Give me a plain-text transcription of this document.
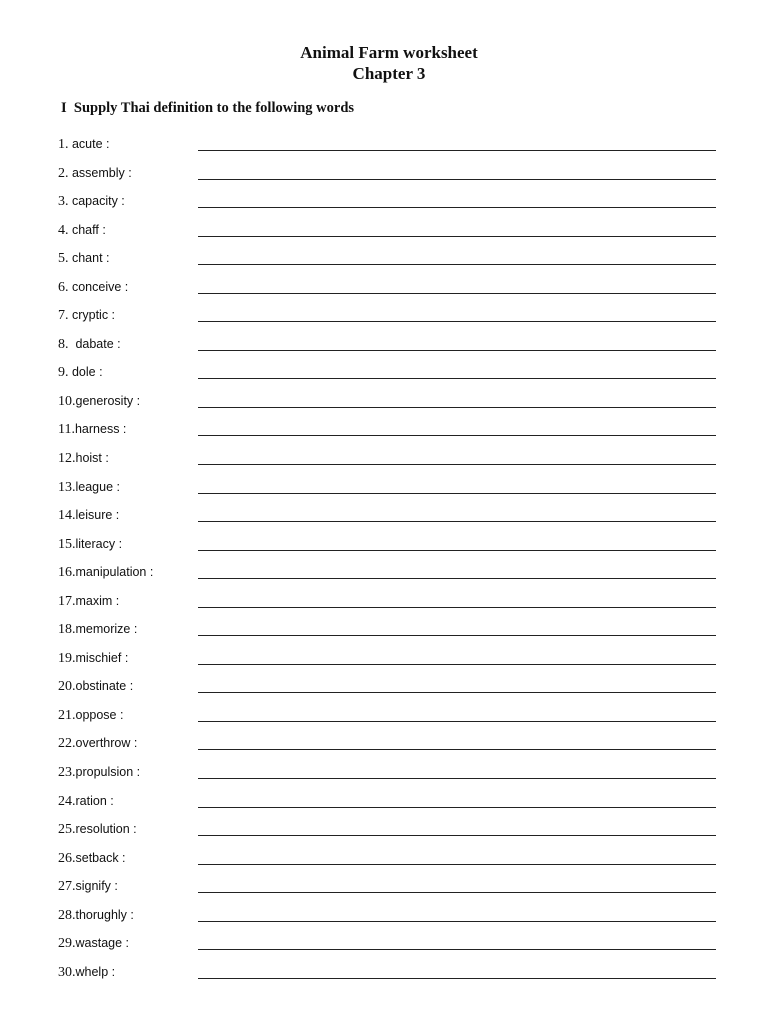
Animal Farm worksheet
Chapter 3

I  Supply Thai definition to the following words

1. acute :
2. assembly :
3. capacity :
4. chaff :
5. chant :
6. conceive :
7. cryptic :
8.  dabate :
9. dole :
10.generosity :
11.harness :
12.hoist :
13.league :
14.leisure :
15.literacy :
16.manipulation :
17.maxim :
18.memorize :
19.mischief :
20.obstinate :
21.oppose :
22.overthrow :
23.propulsion :
24.ration :
25.resolution :
26.setback :
27.signify :
28.thorughly :
29.wastage :
30.whelp :
